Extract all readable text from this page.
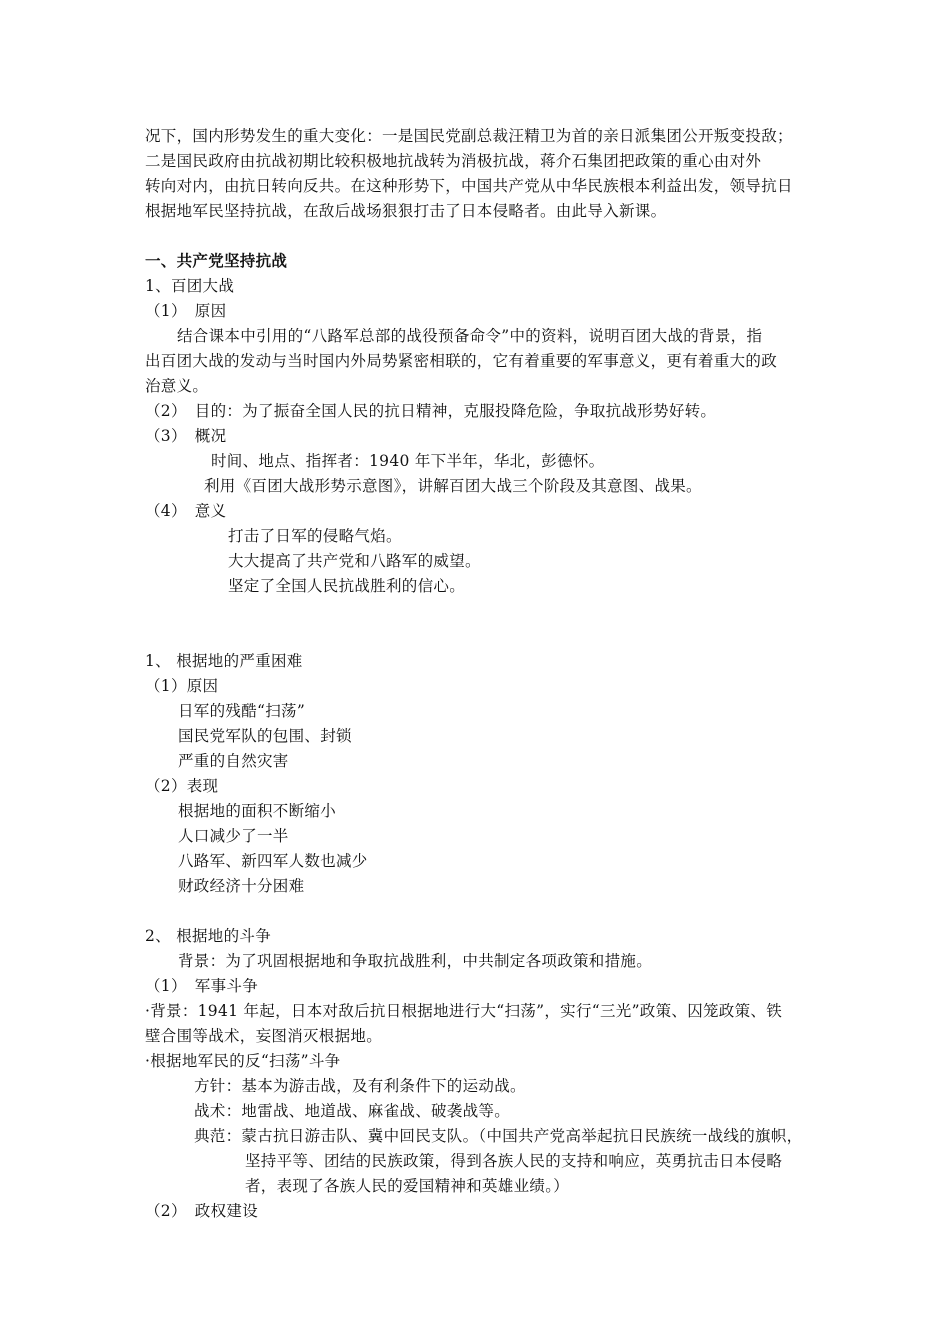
况下，国内形势发生的重大变化：一是国民党副总裁汪精卫为首的亲日派集团公开叛变投敌；
二是国民政府由抗战初期比较积极地抗战转为消极抗战，蒋介石集团把政策的重心由对外
转向对内，由抗日转向反共。在这种形势下，中国共产党从中华民族根本利益出发，领导抗日
根据地军民坚持抗战，在敌后战场狠狠打击了日本侵略者。由此导入新课。
一、共产党坚持抗战
1、百团大战
（1）　原因
结合课本中引用的“八路军总部的战役预备命令”中的资料，说明百团大战的背景，指
出百团大战的发动与当时国内外局势紧密相联的，它有着重要的军事意义，更有着重大的政
治意义。
（2）　目的：为了振奋全国人民的抗日精神，克服投降危险，争取抗战形势好转。
（3）　概况
时间、地点、指挥者：1940 年下半年，华北，彭德怀。
利用《百团大战形势示意图》，讲解百团大战三个阶段及其意图、战果。
（4）　意义
打击了日军的侵略气焰。
大大提高了共产党和八路军的威望。
坚定了全国人民抗战胜利的信心。
1、 根据地的严重困难
（1）原因
日军的残酷“扫荡”
国民党军队的包围、封锁
严重的自然灾害
（2）表现
根据地的面积不断缩小
人口减少了一半
八路军、新四军人数也减少
财政经济十分困难
2、 根据地的斗争
背景：为了巩固根据地和争取抗战胜利，中共制定各项政策和措施。
（1）　军事斗争
·背景：1941 年起，日本对敌后抗日根据地进行大“扫荡”，实行“三光”政策、囚笼政策、铁
壁合围等战术，妄图消灭根据地。
·根据地军民的反“扫荡”斗争
方针：基本为游击战，及有利条件下的运动战。
战术：地雷战、地道战、麻雀战、破袭战等。
典范：蒙古抗日游击队、冀中回民支队。（中国共产党高举起抗日民族统一战线的旗帜，
坚持平等、团结的民族政策，得到各族人民的支持和响应，英勇抗击日本侵略
者，表现了各族人民的爱国精神和英雄业绩。）
（2）　政权建设
